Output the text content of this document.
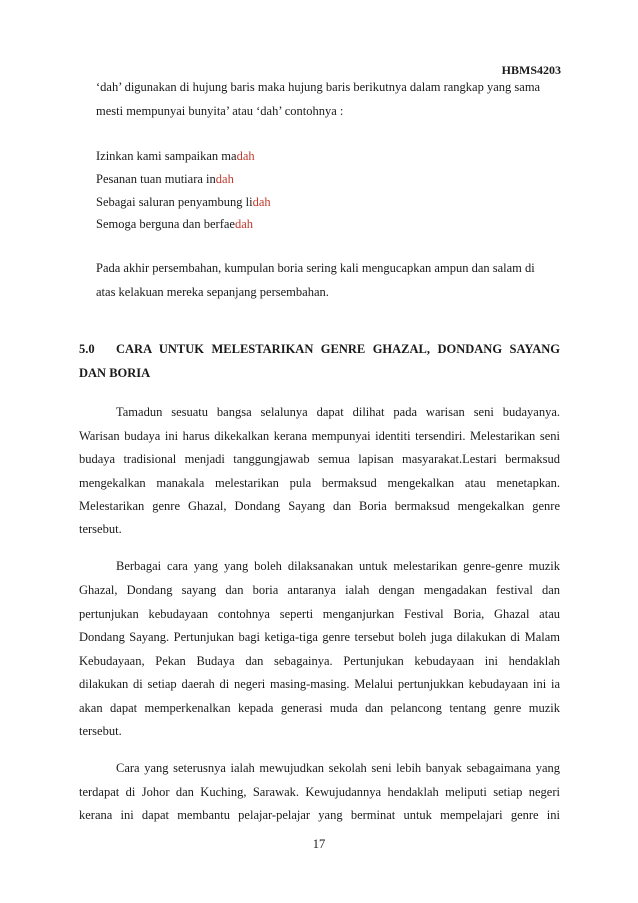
HBMS4203
‘dah’ digunakan di hujung baris maka hujung baris berikutnya dalam rangkap yang sama
mesti mempunyai bunyita’ atau ‘dah’ contohnya :
Izinkan kami sampaikan madah
Pesanan tuan mutiara indah
Sebagai saluran penyambung lidah
Semoga berguna dan berfaedah
Pada akhir persembahan, kumpulan boria sering kali mengucapkan ampun dan salam di
atas kelakuan mereka sepanjang persembahan.
5.0 CARA UNTUK MELESTARIKAN GENRE GHAZAL, DONDANG SAYANG
DAN BORIA
Tamadun sesuatu bangsa selalunya dapat dilihat pada warisan seni budayanya.
Warisan budaya ini harus dikekalkan kerana mempunyai identiti tersendiri. Melestarikan seni
budaya tradisional menjadi tanggungjawab semua lapisan masyarakat.Lestari bermaksud
mengekalkan manakala melestarikan pula bermaksud mengekalkan atau menetapkan.
Melestarikan genre Ghazal, Dondang Sayang dan Boria bermaksud mengekalkan genre
tersebut.
Berbagai cara yang yang boleh dilaksanakan untuk melestarikan genre-genre muzik
Ghazal, Dondang sayang dan boria antaranya ialah dengan mengadakan festival dan
pertunjukan kebudayaan contohnya seperti menganjurkan Festival Boria, Ghazal atau
Dondang Sayang. Pertunjukan bagi ketiga-tiga genre tersebut boleh juga dilakukan di Malam
Kebudayaan, Pekan Budaya dan sebagainya. Pertunjukan kebudayaan ini hendaklah
dilakukan di setiap daerah di negeri masing-masing. Melalui pertunjukkan kebudayaan ini ia
akan dapat memperkenalkan kepada generasi muda dan pelancong tentang genre muzik
tersebut.
Cara yang seterusnya ialah mewujudkan sekolah seni lebih banyak sebagaimana yang
terdapat di Johor dan Kuching, Sarawak. Kewujudannya hendaklah meliputi setiap negeri
kerana ini dapat membantu pelajar-pelajar yang berminat untuk mempelajari genre ini
17
